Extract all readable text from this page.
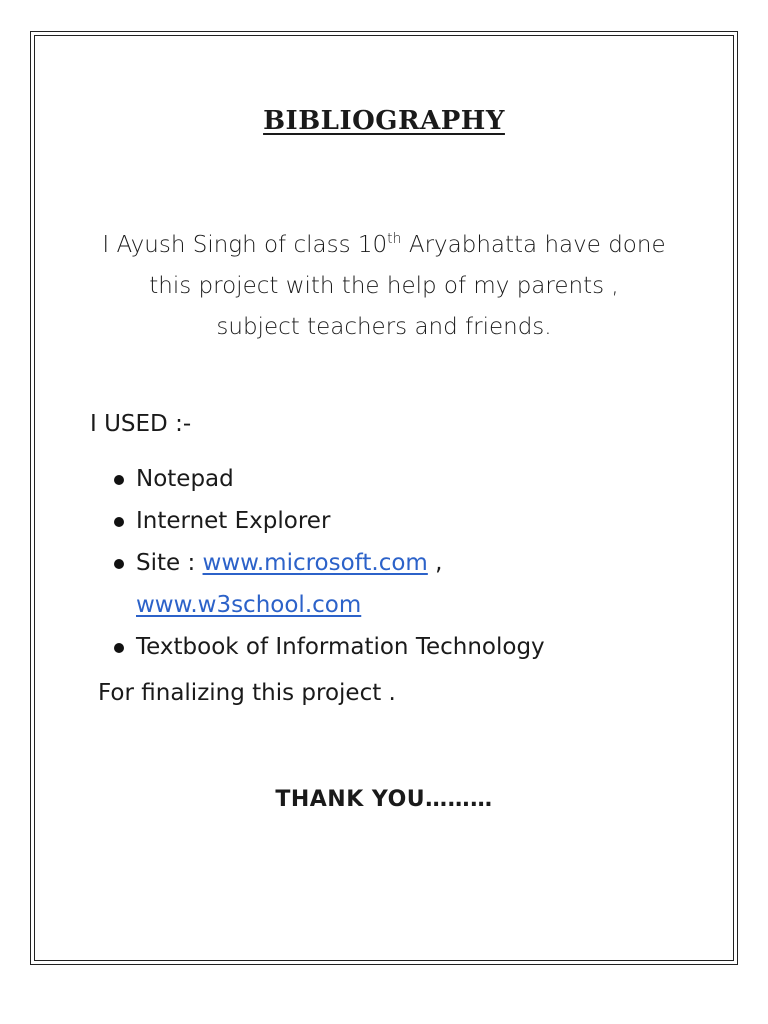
BIBLIOGRAPHY
I Ayush Singh of class 10th Aryabhatta have done
this project with the help of my parents ,
subject teachers and friends.
I USED :-
Notepad
Internet Explorer
Site : www.microsoft.com ,
www.w3school.com
Textbook of Information Technology
For finalizing this project .
THANK YOU………
